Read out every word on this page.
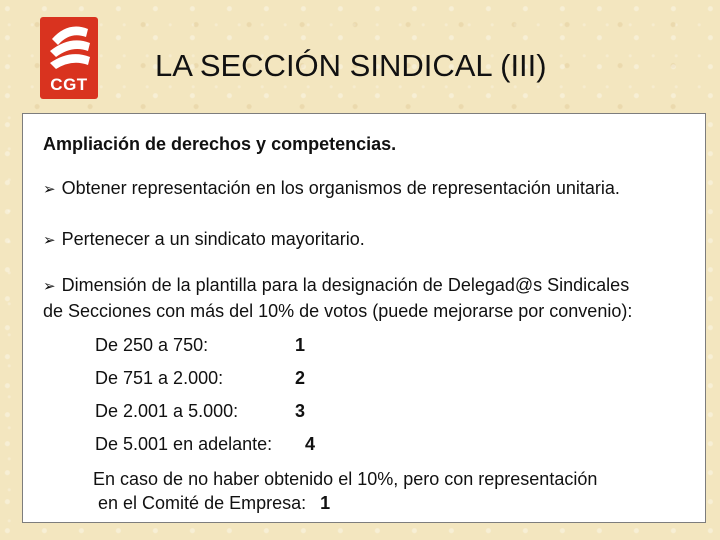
CGT
LA SECCIÓN SINDICAL (III)
Ampliación de derechos y competencias.
➢ Obtener representación en los organismos de representación unitaria.
➢ Pertenecer a un sindicato mayoritario.
➢ Dimensión de la plantilla para la designación de Delegad@s Sindicales
de Secciones con más del 10% de votos (puede mejorarse por convenio):
De 250 a 750:	1
De 751 a 2.000:	2
De 2.001 a 5.000:	3
De 5.001 en adelante: 4
En caso de no haber obtenido el 10%, pero con representación
en el Comité de Empresa: 1
